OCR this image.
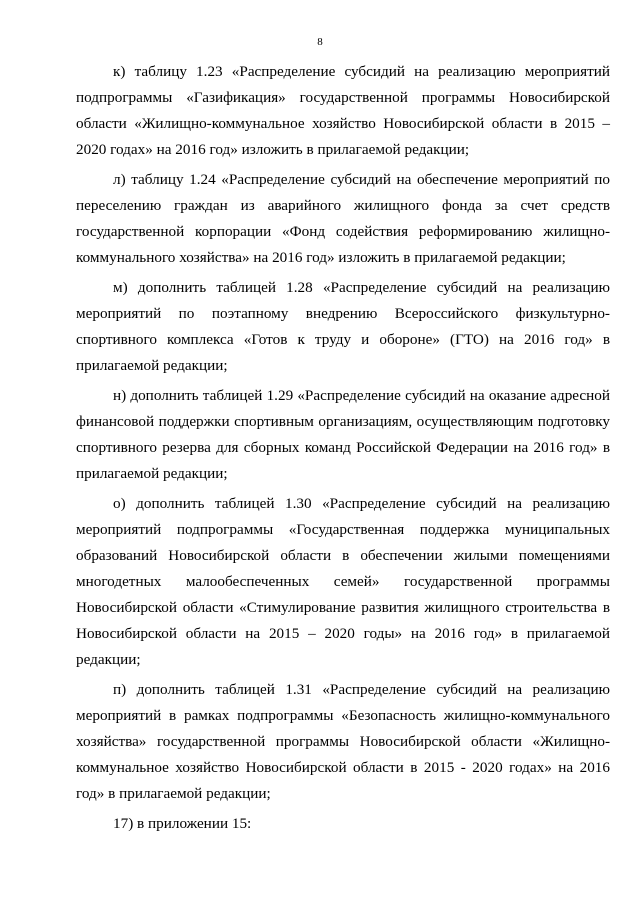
8

к) таблицу 1.23 «Распределение субсидий на реализацию мероприятий подпрограммы «Газификация» государственной программы Новосибирской области «Жилищно-коммунальное хозяйство Новосибирской области в 2015 – 2020 годах» на 2016 год» изложить в прилагаемой редакции;

л) таблицу 1.24 «Распределение субсидий на обеспечение мероприятий по переселению граждан из аварийного жилищного фонда за счет средств государственной корпорации «Фонд содействия реформированию жилищно-коммунального хозяйства» на 2016 год» изложить в прилагаемой редакции;

м) дополнить таблицей 1.28 «Распределение субсидий на реализацию мероприятий по поэтапному внедрению Всероссийского физкультурно-спортивного комплекса «Готов к труду и обороне» (ГТО) на 2016 год» в прилагаемой редакции;

н) дополнить таблицей 1.29 «Распределение субсидий на оказание адресной финансовой поддержки спортивным организациям, осуществляющим подготовку спортивного резерва для сборных команд Российской Федерации на 2016 год» в прилагаемой редакции;

о) дополнить таблицей 1.30 «Распределение субсидий на реализацию мероприятий подпрограммы «Государственная поддержка муниципальных образований Новосибирской области в обеспечении жилыми помещениями многодетных малообеспеченных семей» государственной программы Новосибирской области «Стимулирование развития жилищного строительства в Новосибирской области на 2015 – 2020 годы» на 2016 год» в прилагаемой редакции;

п) дополнить таблицей 1.31 «Распределение субсидий на реализацию мероприятий в рамках подпрограммы «Безопасность жилищно-коммунального хозяйства» государственной программы Новосибирской области «Жилищно-коммунальное хозяйство Новосибирской области в 2015 - 2020 годах» на 2016 год» в прилагаемой редакции;

17) в приложении 15:
